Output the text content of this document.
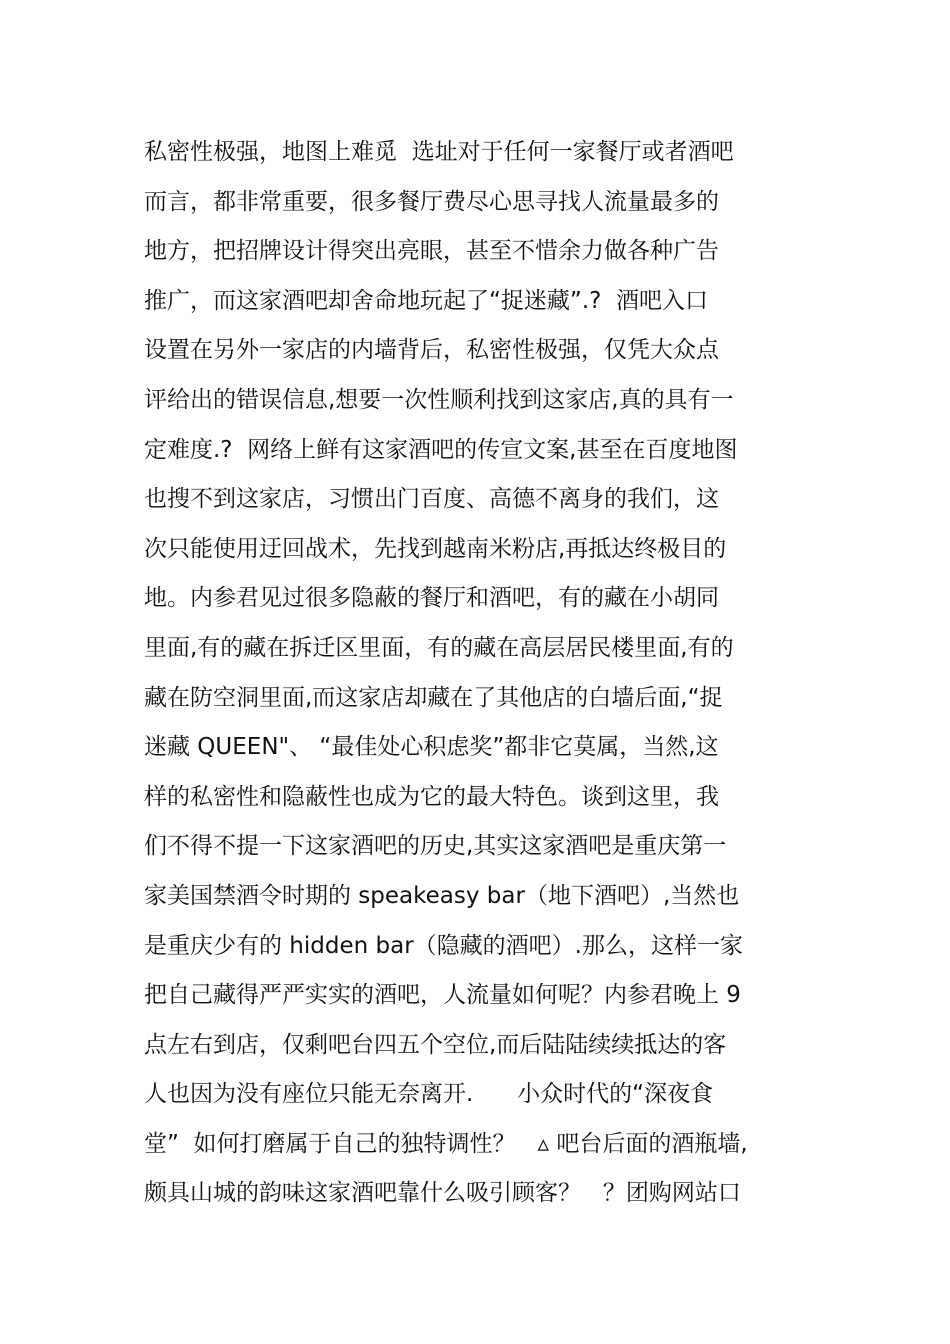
私密性极强，地图上难觅  选址对于任何一家餐厅或者酒吧
而言，都非常重要，很多餐厅费尽心思寻找人流量最多的
地方，把招牌设计得突出亮眼，甚至不惜余力做各种广告
推广，而这家酒吧却舍命地玩起了“捉迷藏”.?  酒吧入口
设置在另外一家店的内墙背后，私密性极强，仅凭大众点
评给出的错误信息,想要一次性顺利找到这家店,真的具有一
定难度.?  网络上鲜有这家酒吧的传宣文案,甚至在百度地图
也搜不到这家店，习惯出门百度、高德不离身的我们，这
次只能使用迂回战术，先找到越南米粉店,再抵达终极目的
地。内参君见过很多隐蔽的餐厅和酒吧，有的藏在小胡同
里面,有的藏在拆迁区里面，有的藏在高层居民楼里面,有的
藏在防空洞里面,而这家店却藏在了其他店的白墙后面,“捉
迷藏 QUEEN"、 “最佳处心积虑奖”都非它莫属，当然,这
样的私密性和隐蔽性也成为它的最大特色。谈到这里，我
们不得不提一下这家酒吧的历史,其实这家酒吧是重庆第一
家美国禁酒令时期的 speakeasy bar（地下酒吧）,当然也
是重庆少有的 hidden bar（隐藏的酒吧）.那么，这样一家
把自己藏得严严实实的酒吧，人流量如何呢？内参君晚上 9
点左右到店，仅剩吧台四五个空位,而后陆陆续续抵达的客
人也因为没有座位只能无奈离开.      小众时代的“深夜食
堂”  如何打磨属于自己的独特调性？   ▵ 吧台后面的酒瓶墙,
颇具山城的韵味这家酒吧靠什么吸引顾客？   ？团购网站口
